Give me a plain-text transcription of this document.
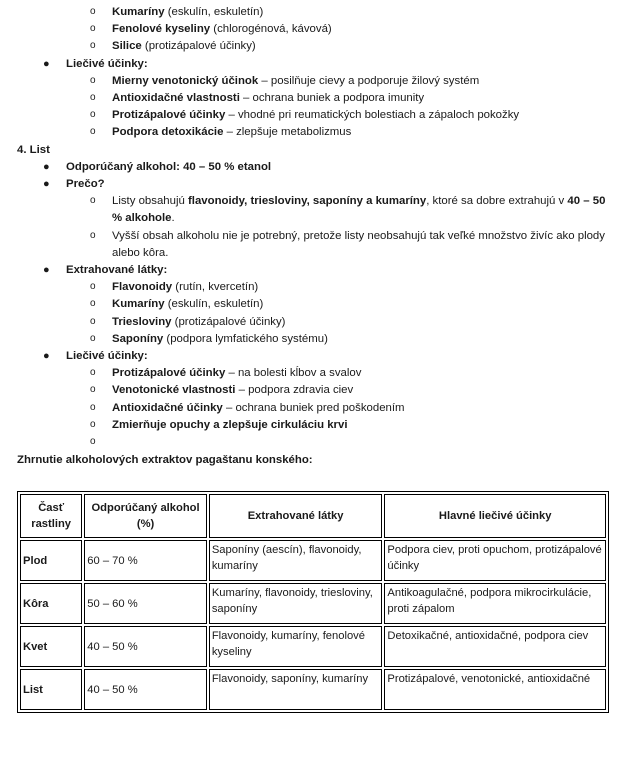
o Kumaríny (eskulín, eskuletín)
o Fenolové kyseliny (chlorogénová, kávová)
o Silice (protizápalové účinky)
● Liečivé účinky:
o Mierny venotonický účinok – posilňuje cievy a podporuje žilový systém
o Antioxidačné vlastnosti – ochrana buniek a podpora imunity
o Protizápalové účinky – vhodné pri reumatických bolestiach a zápaloch pokožky
o Podpora detoxikácie – zlepšuje metabolizmus
4. List
● Odporúčaný alkohol: 40 – 50 % etanol
● Prečo?
o Listy obsahujú flavonoidy, triesloviny, saponíny a kumaríny, ktoré sa dobre extrahujú v 40 – 50 % alkohole.
o Vyšší obsah alkoholu nie je potrebný, pretože listy neobsahujú tak veľké množstvo živíc ako plody alebo kôra.
● Extrahované látky:
o Flavonoidy (rutín, kvercetín)
o Kumaríny (eskulín, eskuletín)
o Triesloviny (protizápalové účinky)
o Saponíny (podpora lymfatického systému)
● Liečivé účinky:
o Protizápalové účinky – na bolesti kĺbov a svalov
o Venotonické vlastnosti – podpora zdravia ciev
o Antioxidačné účinky – ochrana buniek pred poškodením
o Zmierňuje opuchy a zlepšuje cirkuláciu krvi
o

Zhrnutie alkoholových extraktov pagaštanu konského:
Časť rastliny	Odporúčaný alkohol (%)	Extrahované látky	Hlavné liečivé účinky
Plod	60 – 70 %	Saponíny (aescín), flavonoidy, kumaríny	Podpora ciev, proti opuchom, protizápalové účinky
Kôra	50 – 60 %	Kumaríny, flavonoidy, triesloviny, saponíny	Antikoagulačné, podpora mikrocirkulácie, proti zápalom
Kvet	40 – 50 %	Flavonoidy, kumaríny, fenolové kyseliny	Detoxikačné, antioxidačné, podpora ciev
List	40 – 50 %	Flavonoidy, saponíny, kumaríny	Protizápalové, venotonické, antioxidačné
